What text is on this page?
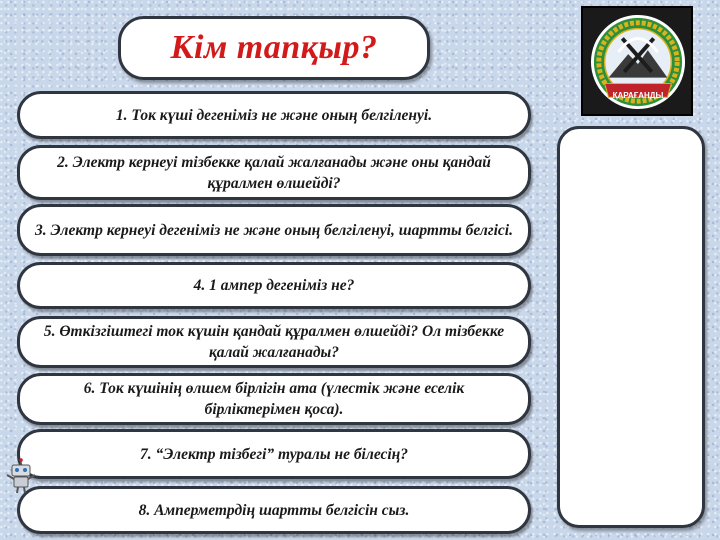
Кім тапқыр?
1. Ток күші дегеніміз не және оның белгіленуі.
2. Электр кернеуі тізбекке қалай жалғанады және оны қандай құралмен өлшейді?
3. Электр кернеуі дегеніміз не және оның белгіленуі, шартты белгісі.
4. 1 ампер дегеніміз не?
5. Өткізгіштегі ток күшін қандай құралмен өлшейді? Ол тізбекке қалай жалғанады?
6. Ток күшінің өлшем бірлігін ата (үлестік және еселік бірліктерімен қоса).
7. “Электр тізбегі” туралы не білесің?
8. Амперметрдің шартты белгісін сыз.
ҚАРАҒАНДЫ
